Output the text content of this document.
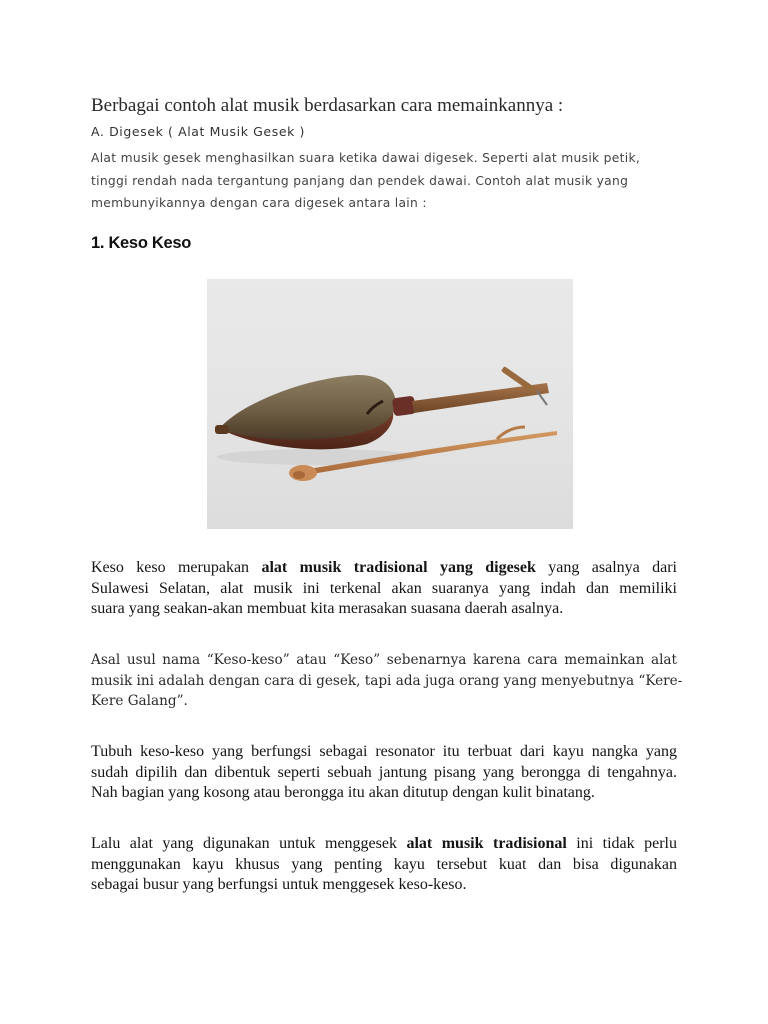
Berbagai contoh alat musik berdasarkan cara memainkannya :
A. Digesek ( Alat Musik Gesek )
Alat musik gesek menghasilkan suara ketika dawai digesek. Seperti alat musik petik,
tinggi rendah nada tergantung panjang dan pendek dawai. Contoh alat musik yang
membunyikannya dengan cara digesek antara lain :
1. Keso Keso
Keso keso merupakan alat musik tradisional yang digesek yang asalnya dari
Sulawesi Selatan, alat musik ini terkenal akan suaranya yang indah dan memiliki
suara yang seakan-akan membuat kita merasakan suasana daerah asalnya.
Asal usul nama “Keso-keso” atau “Keso” sebenarnya karena cara memainkan alat
musik ini adalah dengan cara di gesek, tapi ada juga orang yang menyebutnya “Kere-
Kere Galang”.
Tubuh keso-keso yang berfungsi sebagai resonator itu terbuat dari kayu nangka yang
sudah dipilih dan dibentuk seperti sebuah jantung pisang yang berongga di tengahnya.
Nah bagian yang kosong atau berongga itu akan ditutup dengan kulit binatang.
Lalu alat yang digunakan untuk menggesek alat musik tradisional ini tidak perlu
menggunakan kayu khusus yang penting kayu tersebut kuat dan bisa digunakan
sebagai busur yang berfungsi untuk menggesek keso-keso.
